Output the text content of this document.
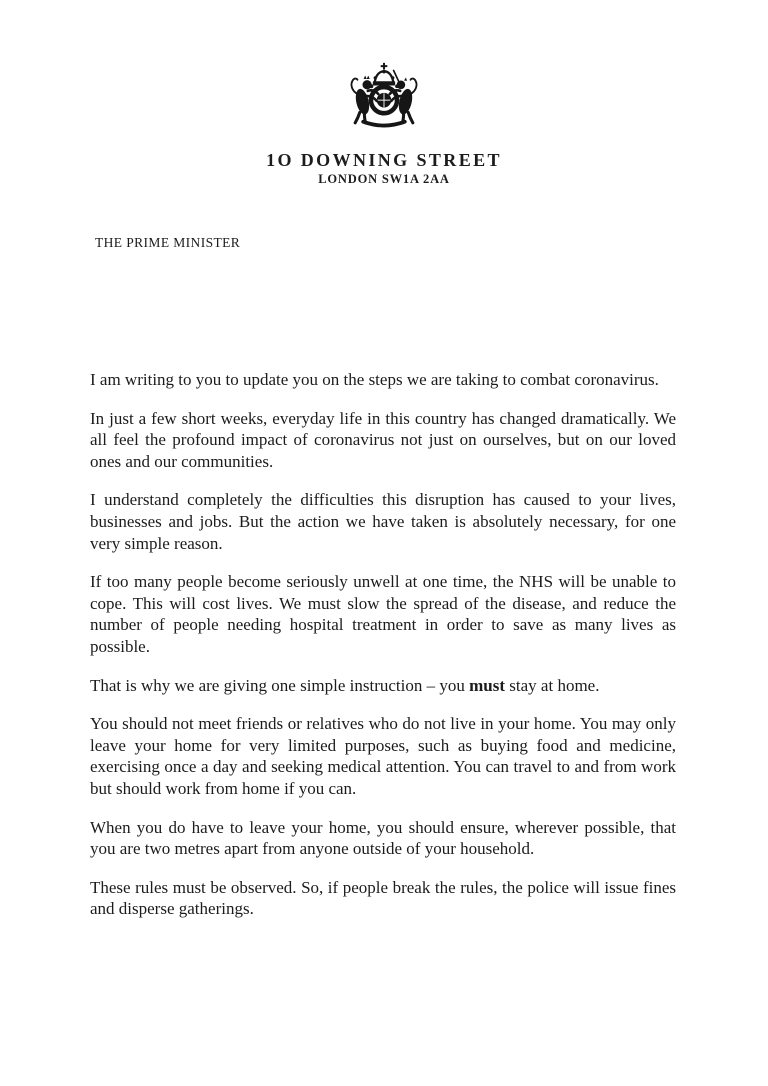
1O DOWNING STREET
LONDON SW1A 2AA
THE PRIME MINISTER

I am writing to you to update you on the steps we are taking to combat coronavirus.

In just a few short weeks, everyday life in this country has changed dramatically. We all feel the profound impact of coronavirus not just on ourselves, but on our loved ones and our communities.

I understand completely the difficulties this disruption has caused to your lives, businesses and jobs. But the action we have taken is absolutely necessary, for one very simple reason.

If too many people become seriously unwell at one time, the NHS will be unable to cope. This will cost lives. We must slow the spread of the disease, and reduce the number of people needing hospital treatment in order to save as many lives as possible.

That is why we are giving one simple instruction – you must stay at home.

You should not meet friends or relatives who do not live in your home. You may only leave your home for very limited purposes, such as buying food and medicine, exercising once a day and seeking medical attention. You can travel to and from work but should work from home if you can.

When you do have to leave your home, you should ensure, wherever possible, that you are two metres apart from anyone outside of your household.

These rules must be observed. So, if people break the rules, the police will issue fines and disperse gatherings.
